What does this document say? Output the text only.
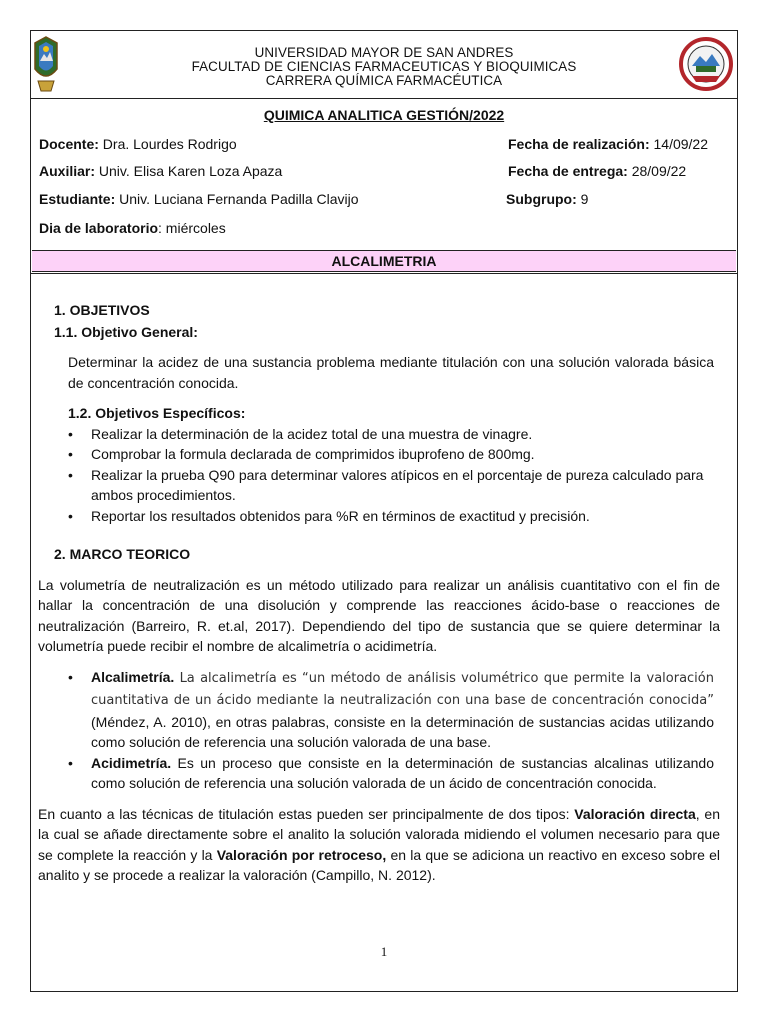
UNIVERSIDAD MAYOR DE SAN ANDRES
FACULTAD DE CIENCIAS FARMACEUTICAS Y BIOQUIMICAS
CARRERA QUÍMICA FARMACÉUTICA
QUIMICA ANALITICA GESTIÓN/2022
Docente: Dra. Lourdes Rodrigo	Fecha de realización: 14/09/22
Auxiliar: Univ. Elisa Karen Loza Apaza	Fecha de entrega: 28/09/22
Estudiante: Univ. Luciana Fernanda Padilla Clavijo	Subgrupo: 9
Dia de laboratorio: miércoles
ALCALIMETRIA
1. OBJETIVOS
1.1. Objetivo General:

Determinar la acidez de una sustancia problema mediante titulación con una solución valorada básica de concentración conocida.

1.2. Objetivos Específicos:
• Realizar la determinación de la acidez total de una muestra de vinagre.
• Comprobar la formula declarada de comprimidos ibuprofeno de 800mg.
• Realizar la prueba Q90 para determinar valores atípicos en el porcentaje de pureza calculado para ambos procedimientos.
• Reportar los resultados obtenidos para %R en términos de exactitud y precisión.
2. MARCO TEORICO

La volumetría de neutralización es un método utilizado para realizar un análisis cuantitativo con el fin de hallar la concentración de una disolución y comprende las reacciones ácido-base o reacciones de neutralización (Barreiro, R. et.al, 2017). Dependiendo del tipo de sustancia que se quiere determinar la volumetría puede recibir el nombre de alcalimetría o acidimetría.

• Alcalimetría. La alcalimetría es “un método de análisis volumétrico que permite la valoración cuantitativa de un ácido mediante la neutralización con una base de concentración conocida” (Méndez, A. 2010), en otras palabras, consiste en la determinación de sustancias acidas utilizando como solución de referencia una solución valorada de una base.
• Acidimetría. Es un proceso que consiste en la determinación de sustancias alcalinas utilizando como solución de referencia una solución valorada de un ácido de concentración conocida.

En cuanto a las técnicas de titulación estas pueden ser principalmente de dos tipos: Valoración directa, en la cual se añade directamente sobre el analito la solución valorada midiendo el volumen necesario para que se complete la reacción y la Valoración por retroceso, en la que se adiciona un reactivo en exceso sobre el analito y se procede a realizar la valoración (Campillo, N. 2012).

1
